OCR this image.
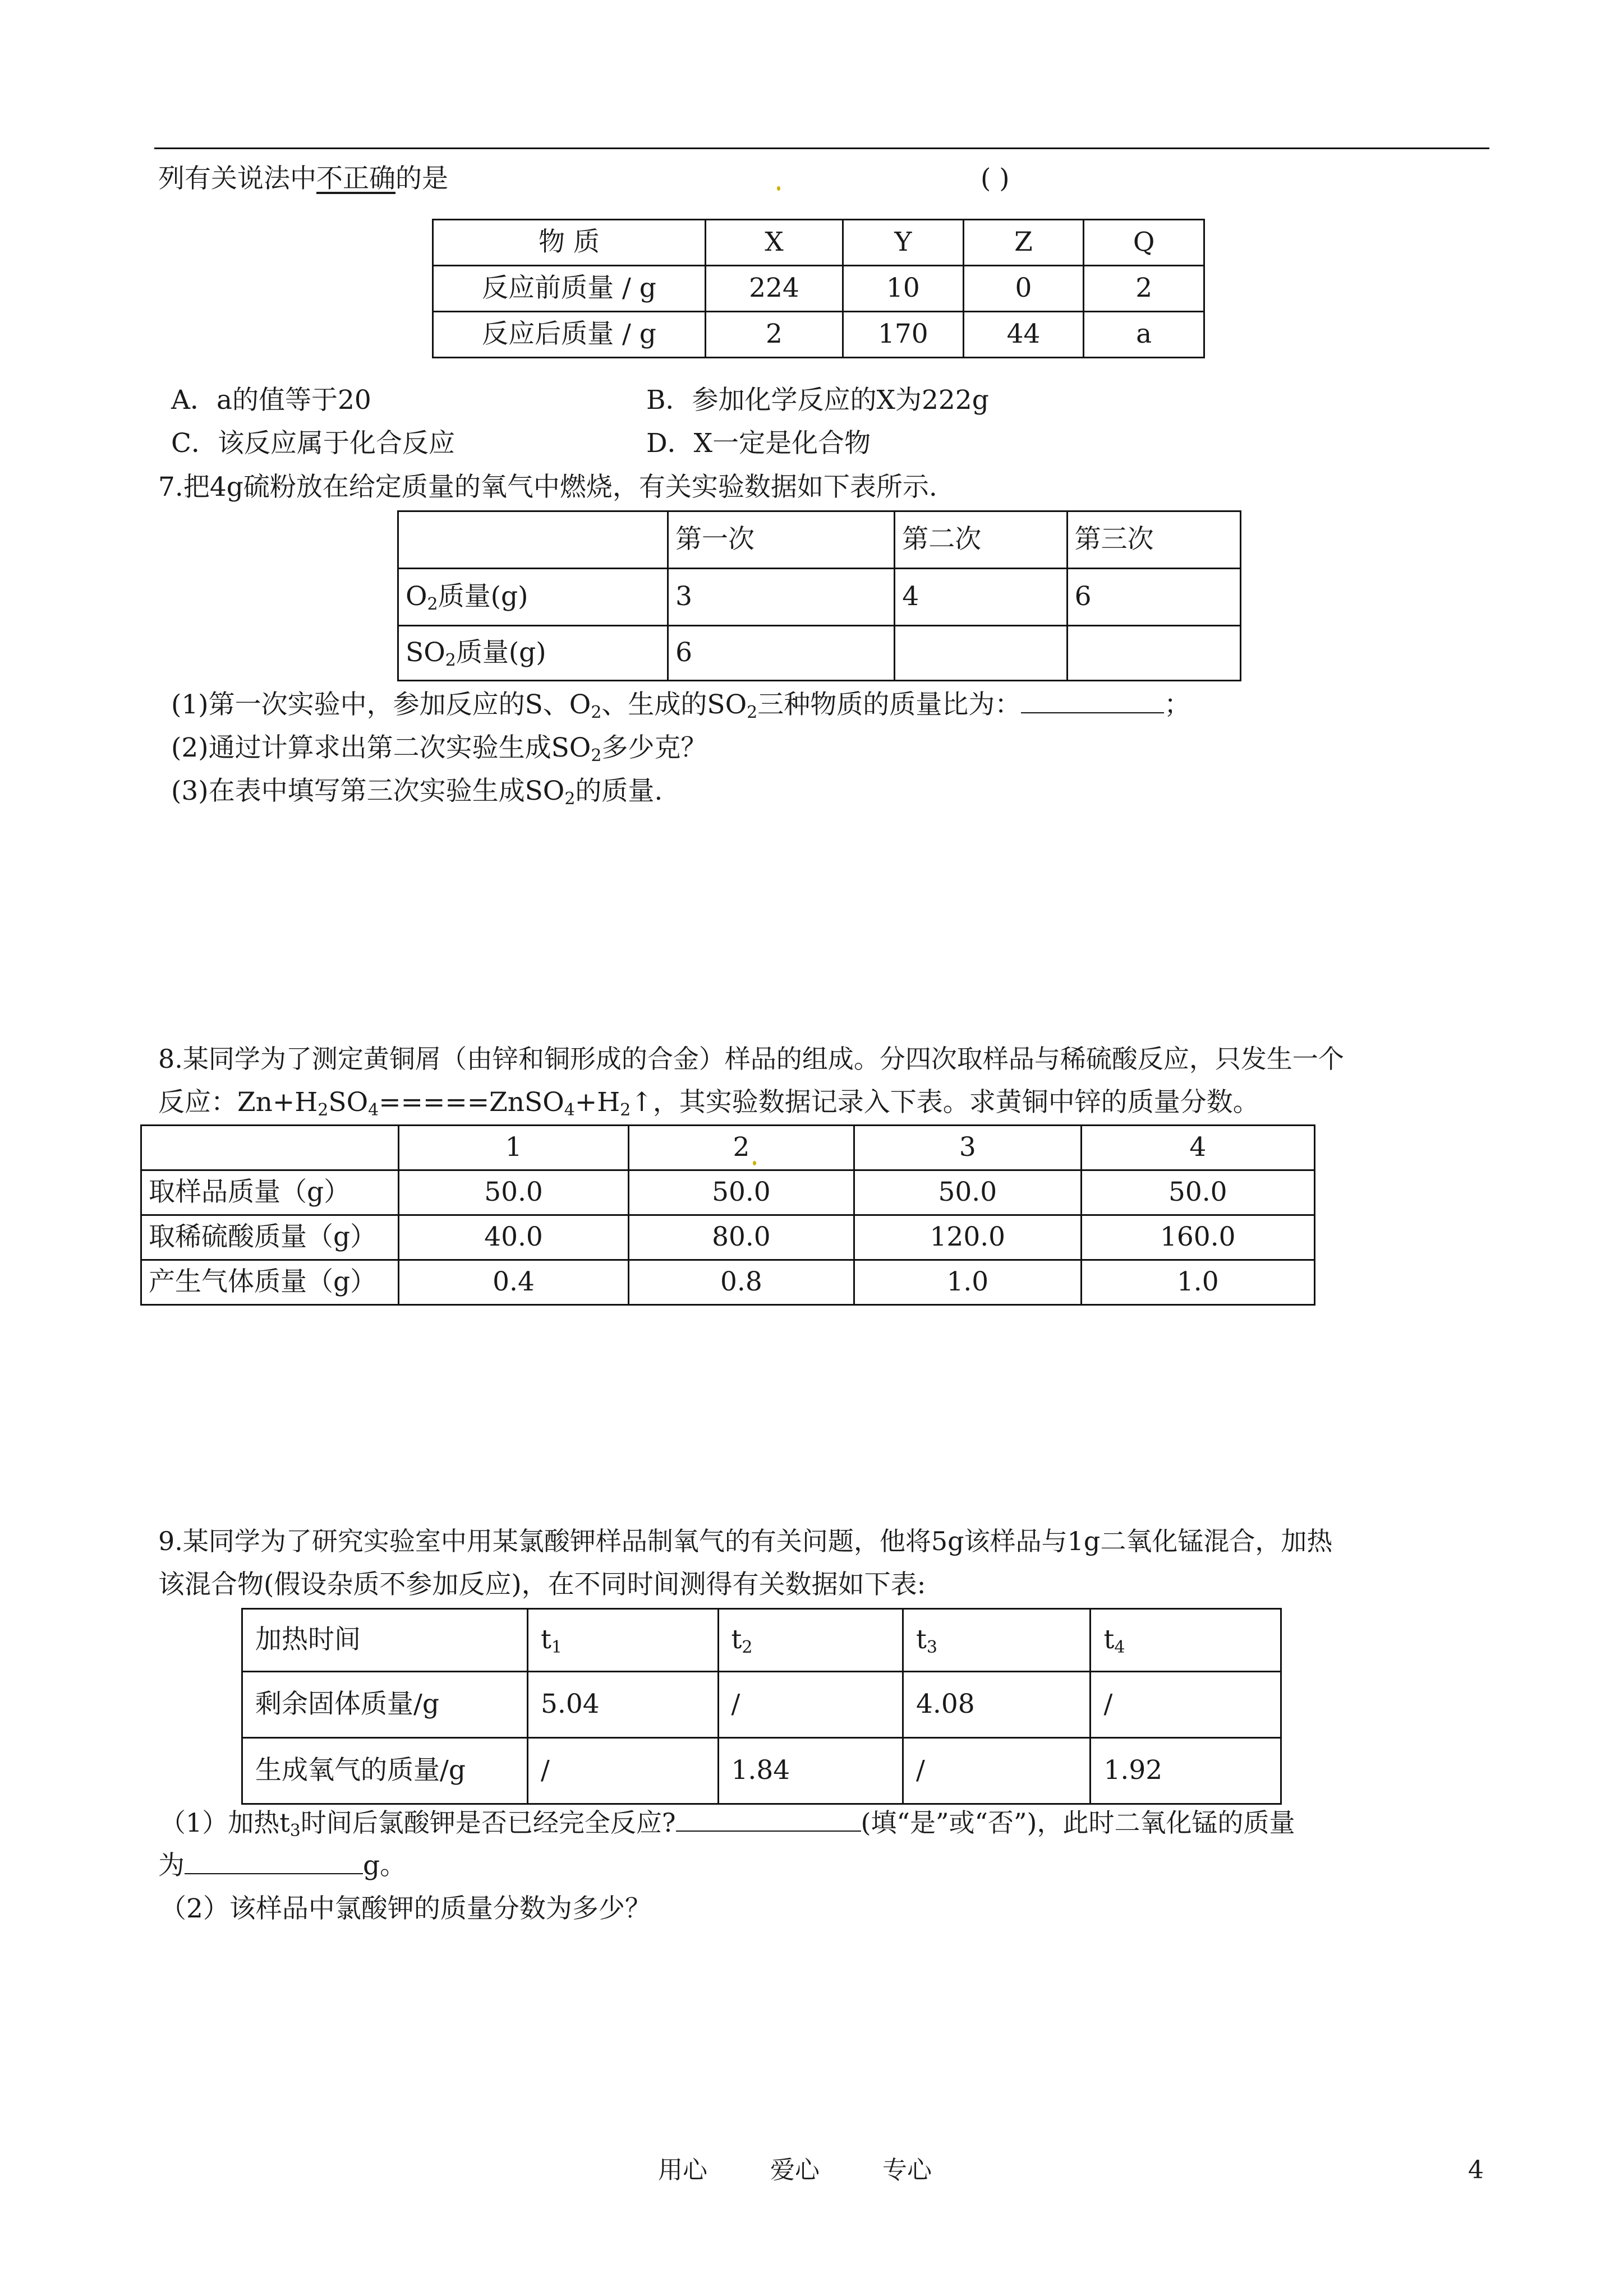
列有关说法中不正确的是	( )
物 质	X	Y	Z	Q
反应前质量 / g	224	10	0	2
反应后质量 / g	2	170	44	a
A．a的值等于20	B．参加化学反应的X为222g
C．该反应属于化合反应	D．X一定是化合物
7.把4g硫粉放在给定质量的氧气中燃烧，有关实验数据如下表所示.
	第一次	第二次	第三次
$O_2$质量(g)	3	4	6
$SO_2$质量(g)	6		
(1)第一次实验中，参加反应的S、$O_2$、生成的$SO_2$三种物质的质量比为：	；
(2)通过计算求出第二次实验生成$SO_2$多少克？
(3)在表中填写第三次实验生成$SO_2$的质量.
8.某同学为了测定黄铜屑（由锌和铜形成的合金）样品的组成。分四次取样品与稀硫酸反应，只发生一个
反应：$Zn+H_2SO_4=====ZnSO_4+H_2↑$，其实验数据记录入下表。求黄铜中锌的质量分数。
	1	2	3	4
取样品质量（g）	50.0	50.0	50.0	50.0
取稀硫酸质量（g）	40.0	80.0	120.0	160.0
产生气体质量（g）	0.4	0.8	1.0	1.0
9.某同学为了研究实验室中用某氯酸钾样品制氧气的有关问题，他将5g该样品与1g二氧化锰混合，加热
该混合物(假设杂质不参加反应)，在不同时间测得有关数据如下表:
加热时间	$t_1$	$t_2$	$t_3$	$t_4$
剩余固体质量/g	5.04	/	4.08	/
生成氧气的质量/g	/	1.84	/	1.92
（1）加热$t_3$时间后氯酸钾是否已经完全反应?	(填“是”或“否”)，此时二氧化锰的质量
为	g。
（2）该样品中氯酸钾的质量分数为多少？
用心	爱心	专心	4
